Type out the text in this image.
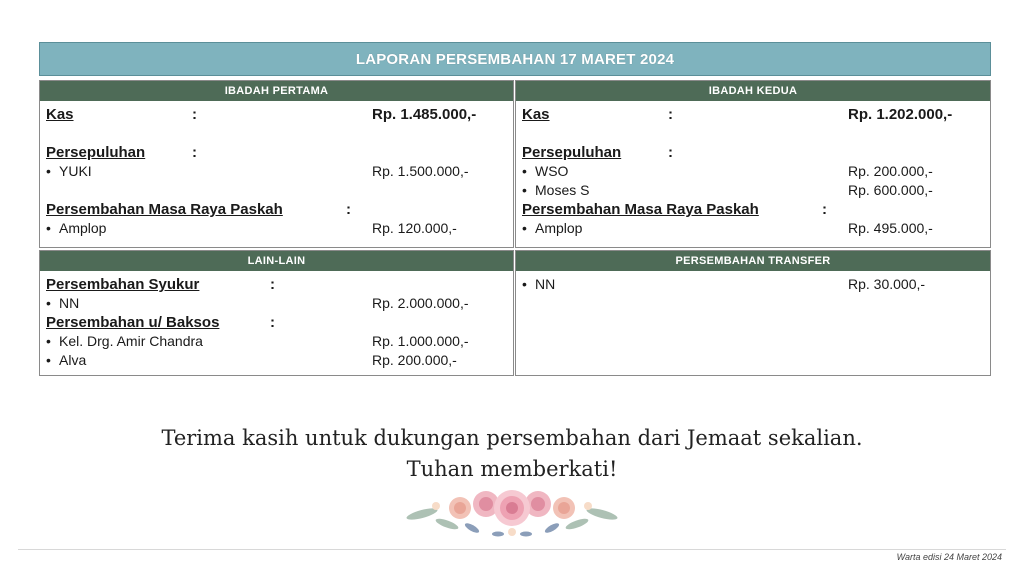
LAPORAN PERSEMBAHAN 17 MARET 2024
IBADAH PERTAMA
Kas	:	Rp. 1.485.000,-
Persepuluhan	:
• YUKI	Rp. 1.500.000,-
Persembahan Masa Raya Paskah	:
• Amplop	Rp. 120.000,-
IBADAH KEDUA
Kas	:	Rp. 1.202.000,-
Persepuluhan	:
• WSO	Rp. 200.000,-
• Moses S	Rp. 600.000,-
Persembahan Masa Raya Paskah	:
• Amplop	Rp. 495.000,-
LAIN-LAIN
Persembahan Syukur	:
• NN	Rp. 2.000.000,-
Persembahan u/ Baksos	:
• Kel. Drg. Amir Chandra	Rp. 1.000.000,-
• Alva	Rp. 200.000,-
PERSEMBAHAN TRANSFER
• NN	Rp. 30.000,-
Terima kasih untuk dukungan persembahan dari Jemaat sekalian.
Tuhan memberkati!
Warta edisi 24 Maret 2024
